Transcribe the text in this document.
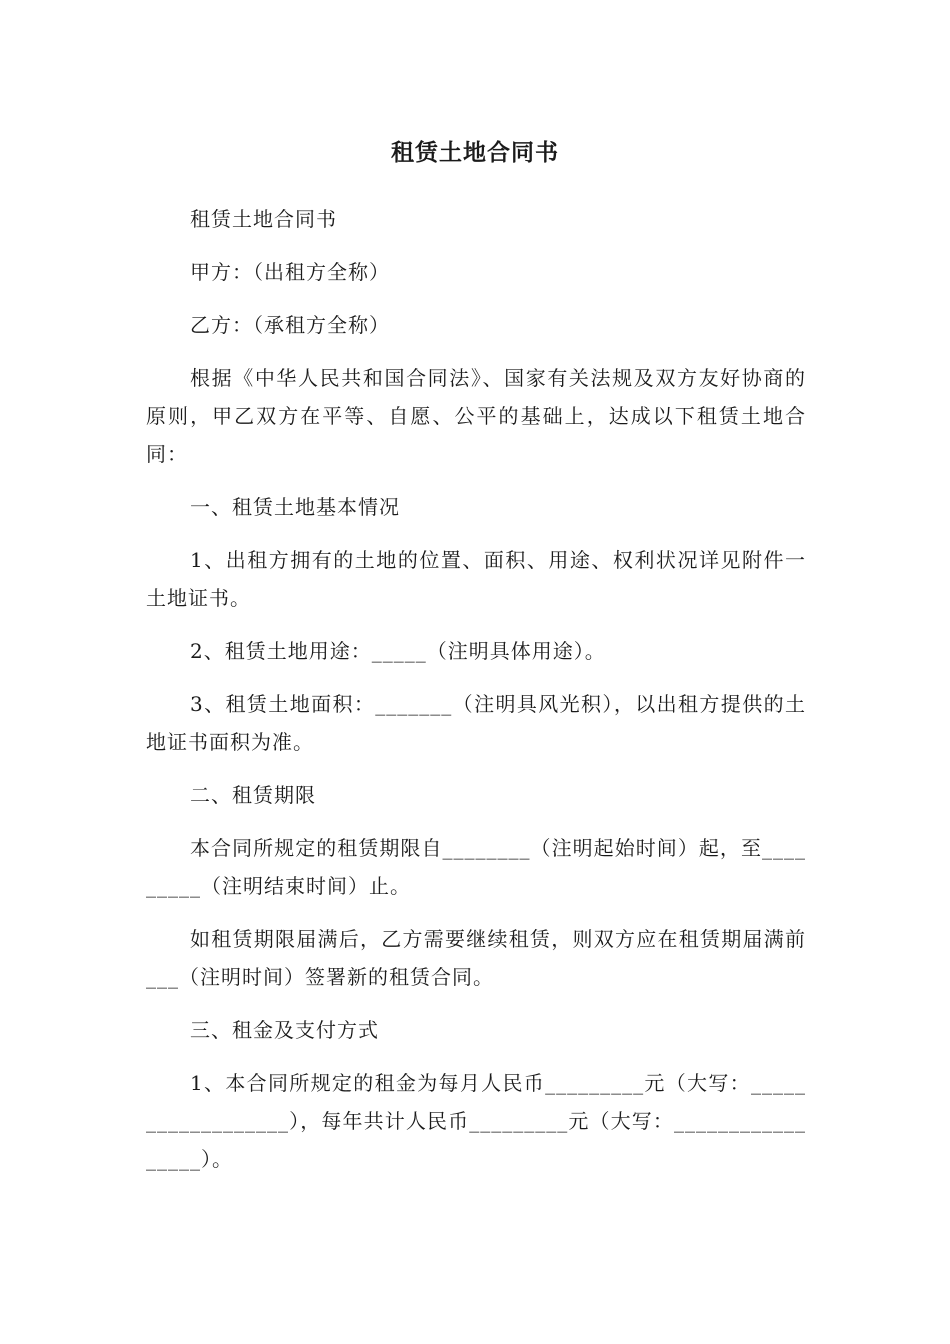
租赁土地合同书

租赁土地合同书

甲方：（出租方全称）

乙方：（承租方全称）

根据《中华人民共和国合同法》、国家有关法规及双方友好协商的原则，甲乙双方在平等、自愿、公平的基础上，达成以下租赁土地合同：

一、租赁土地基本情况

1、出租方拥有的土地的位置、面积、用途、权利状况详见附件一土地证书。

2、租赁土地用途：_____（注明具体用途）。

3、租赁土地面积：_______（注明具风光积），以出租方提供的土地证书面积为准。

二、租赁期限

本合同所规定的租赁期限自________（注明起始时间）起，至_________（注明结束时间）止。

如租赁期限届满后，乙方需要继续租赁，则双方应在租赁期届满前___（注明时间）签署新的租赁合同。

三、租金及支付方式

1、本合同所规定的租金为每月人民币_________元（大写：__________________），每年共计人民币_________元（大写：_________________）。
